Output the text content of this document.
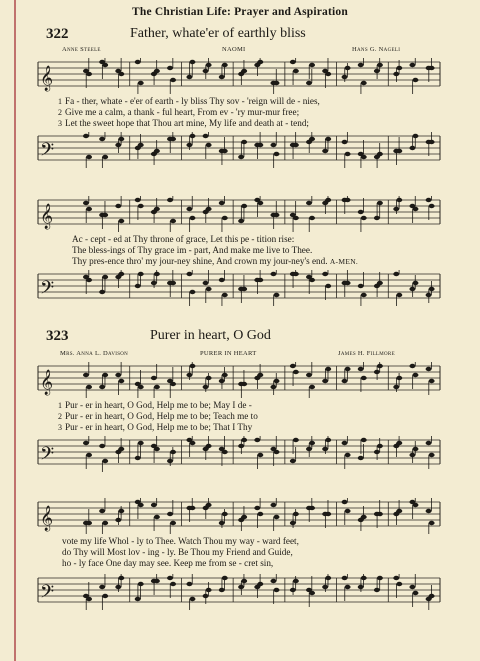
The Christian Life: Prayer and Aspiration
322	Father, whate'er of earthly bliss
Anne Steele	NAOMI	Hans G. Nageli
𝄞
1 Fa - ther, whate - e'er of earth - ly bliss Thy sov - 'reign will de - nies,
2 Give me a calm, a thank - ful heart, From ev - 'ry mur-mur free;
3 Let the sweet hope that Thou art mine, My life and death at - tend;
𝄢
𝄞
Ac - cept - ed at Thy throne of grace, Let this pe - tition rise:
The bless-ings of Thy grace im - part, And make me live to Thee.
Thy pres-ence thro' my jour-ney shine, And crown my jour-ney's end. A-MEN.
𝄢
323	Purer in heart, O God
Mrs. Anna L. Davison	PURER IN HEART	James H. Fillmore
𝄞
1 Pur - er in heart, O God, Help me to be; May I de -
2 Pur - er in heart, O God, Help me to be; Teach me to
3 Pur - er in heart, O God, Help me to be; That I Thy
𝄢
𝄞
vote my life Whol - ly to Thee. Watch Thou my way - ward feet,
do Thy will Most lov - ing - ly. Be Thou my Friend and Guide,
ho - ly face One day may see. Keep me from se - cret sin,
𝄢
